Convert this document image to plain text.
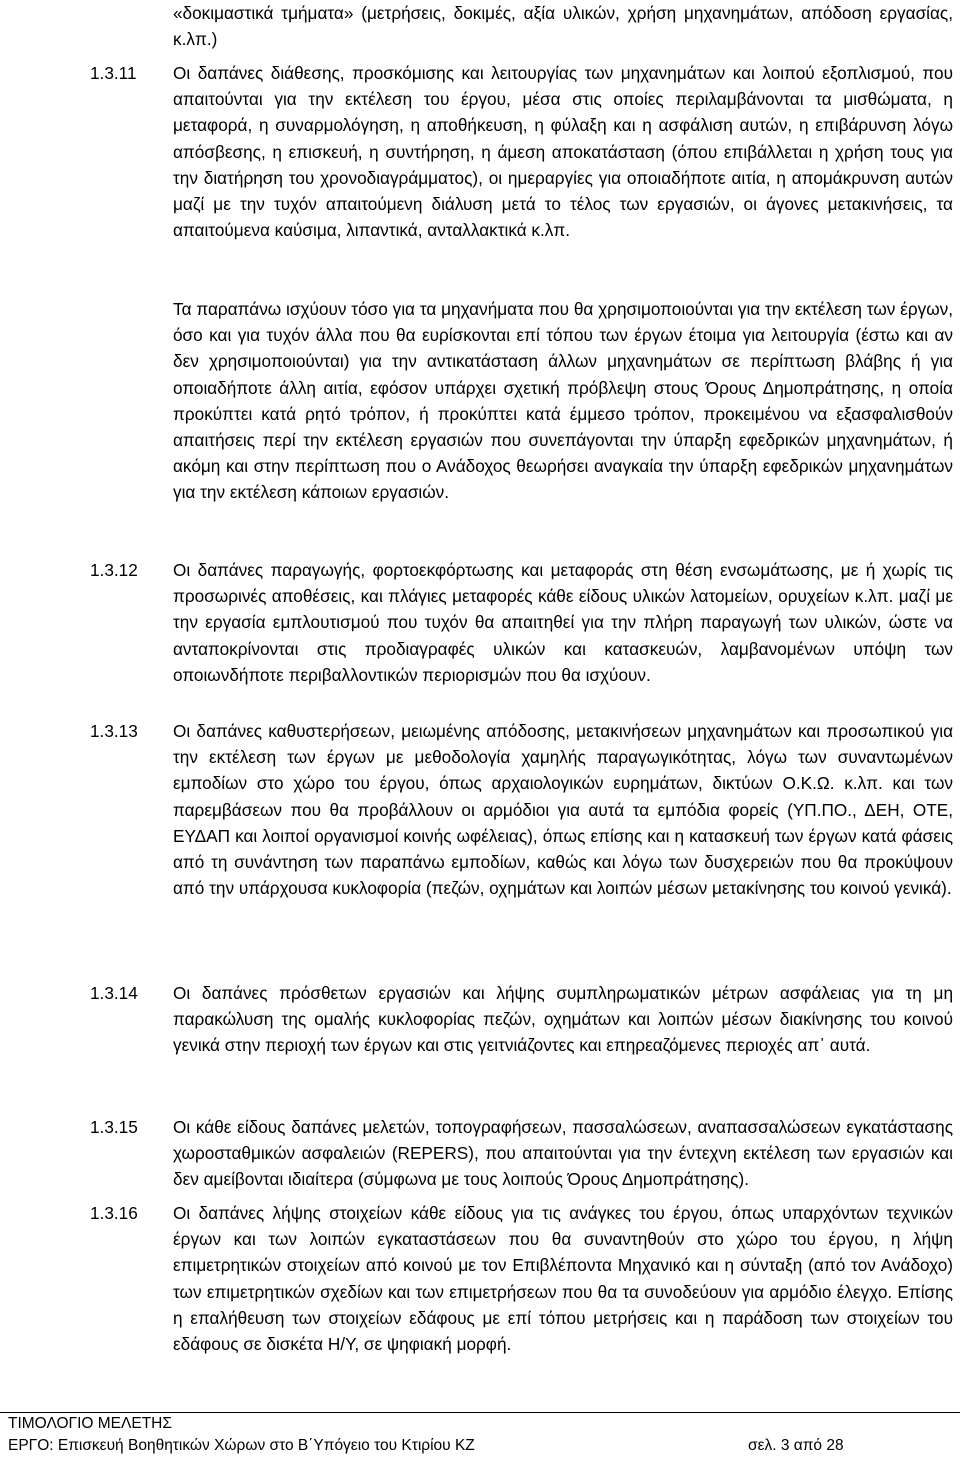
«δοκιμαστικά τμήματα» (μετρήσεις, δοκιμές, αξία υλικών, χρήση μηχανημάτων, απόδοση εργασίας, κ.λπ.)

1.3.11 Οι δαπάνες διάθεσης, προσκόμισης και λειτουργίας των μηχανημάτων και λοιπού εξοπλισμού, που απαιτούνται για την εκτέλεση του έργου, μέσα στις οποίες περιλαμβάνονται τα μισθώματα, η μεταφορά, η συναρμολόγηση, η αποθήκευση, η φύλαξη και η ασφάλιση αυτών, η επιβάρυνση λόγω απόσβεσης, η επισκευή, η συντήρηση, η άμεση αποκατάσταση (όπου επιβάλλεται η χρήση τους για την διατήρηση του χρονοδιαγράμματος), οι ημεραργίες για οποιαδήποτε αιτία, η απομάκρυνση αυτών μαζί με την τυχόν απαιτούμενη διάλυση μετά το τέλος των εργασιών, οι άγονες μετακινήσεις, τα απαιτούμενα καύσιμα, λιπαντικά, ανταλλακτικά κ.λπ.

Τα παραπάνω ισχύουν τόσο για τα μηχανήματα που θα χρησιμοποιούνται για την εκτέλεση των έργων, όσο και για τυχόν άλλα που θα ευρίσκονται επί τόπου των έργων έτοιμα για λειτουργία (έστω και αν δεν χρησιμοποιούνται) για την αντικατάσταση άλλων μηχανημάτων σε περίπτωση βλάβης ή για οποιαδήποτε άλλη αιτία, εφόσον υπάρχει σχετική πρόβλεψη στους Όρους Δημοπράτησης, η οποία προκύπτει κατά ρητό τρόπον, ή προκύπτει κατά έμμεσο τρόπον, προκειμένου να εξασφαλισθούν απαιτήσεις περί την εκτέλεση εργασιών που συνεπάγονται την ύπαρξη εφεδρικών μηχανημάτων, ή ακόμη και στην περίπτωση που ο Ανάδοχος θεωρήσει αναγκαία την ύπαρξη εφεδρικών μηχανημάτων για την εκτέλεση κάποιων εργασιών.

1.3.12 Οι δαπάνες παραγωγής, φορτοεκφόρτωσης και μεταφοράς στη θέση ενσωμάτωσης, με ή χωρίς τις προσωρινές αποθέσεις, και πλάγιες μεταφορές κάθε είδους υλικών λατομείων, ορυχείων κ.λπ. μαζί με την εργασία εμπλουτισμού που τυχόν θα απαιτηθεί για την πλήρη παραγωγή των υλικών, ώστε να ανταποκρίνονται στις προδιαγραφές υλικών και κατασκευών, λαμβανομένων υπόψη των οποιωνδήποτε περιβαλλοντικών περιορισμών που θα ισχύουν.

1.3.13 Οι δαπάνες καθυστερήσεων, μειωμένης απόδοσης, μετακινήσεων μηχανημάτων και προσωπικού για την εκτέλεση των έργων με μεθοδολογία χαμηλής παραγωγικότητας, λόγω των συναντωμένων εμποδίων στο χώρο του έργου, όπως αρχαιολογικών ευρημάτων, δικτύων Ο.Κ.Ω. κ.λπ. και των παρεμβάσεων που θα προβάλλουν οι αρμόδιοι για αυτά τα εμπόδια φορείς (ΥΠ.ΠΟ., ΔΕΗ, ΟΤΕ, ΕΥΔΑΠ και λοιποί οργανισμοί κοινής ωφέλειας), όπως επίσης και η κατασκευή των έργων κατά φάσεις από τη συνάντηση των παραπάνω εμποδίων, καθώς και λόγω των δυσχερειών που θα προκύψουν από την υπάρχουσα κυκλοφορία (πεζών, οχημάτων και λοιπών μέσων μετακίνησης του κοινού γενικά).

1.3.14 Οι δαπάνες πρόσθετων εργασιών και λήψης συμπληρωματικών μέτρων ασφάλειας για τη μη παρακώλυση της ομαλής κυκλοφορίας πεζών, οχημάτων και λοιπών μέσων διακίνησης του κοινού γενικά στην περιοχή των έργων και στις γειτνιάζοντες και επηρεαζόμενες περιοχές απ᾽ αυτά.

1.3.15 Οι κάθε είδους δαπάνες μελετών, τοπογραφήσεων, πασσαλώσεων, αναπασσαλώσεων εγκατάστασης χωροσταθμικών ασφαλειών (REPERS), που απαιτούνται για την έντεχνη εκτέλεση των εργασιών και δεν αμείβονται ιδιαίτερα (σύμφωνα με τους λοιπούς Όρους Δημοπράτησης).

1.3.16 Οι δαπάνες λήψης στοιχείων κάθε είδους για τις ανάγκες του έργου, όπως υπαρχόντων τεχνικών έργων και των λοιπών εγκαταστάσεων που θα συναντηθούν στο χώρο του έργου, η λήψη επιμετρητικών στοιχείων από κοινού με τον Επιβλέποντα Μηχανικό και η σύνταξη (από τον Ανάδοχο) των επιμετρητικών σχεδίων και των επιμετρήσεων που θα τα συνοδεύουν για αρμόδιο έλεγχο. Επίσης η επαλήθευση των στοιχείων εδάφους με επί τόπου μετρήσεις και η παράδοση των στοιχείων του εδάφους σε δισκέτα Η/Υ, σε ψηφιακή μορφή.

ΤΙΜΟΛΟΓΙΟ ΜΕΛΕΤΗΣ
ΕΡΓΟ: Επισκευή Βοηθητικών Χώρων στο Β΄Υπόγειο του Κτιρίου ΚΖ	σελ. 3 από 28
